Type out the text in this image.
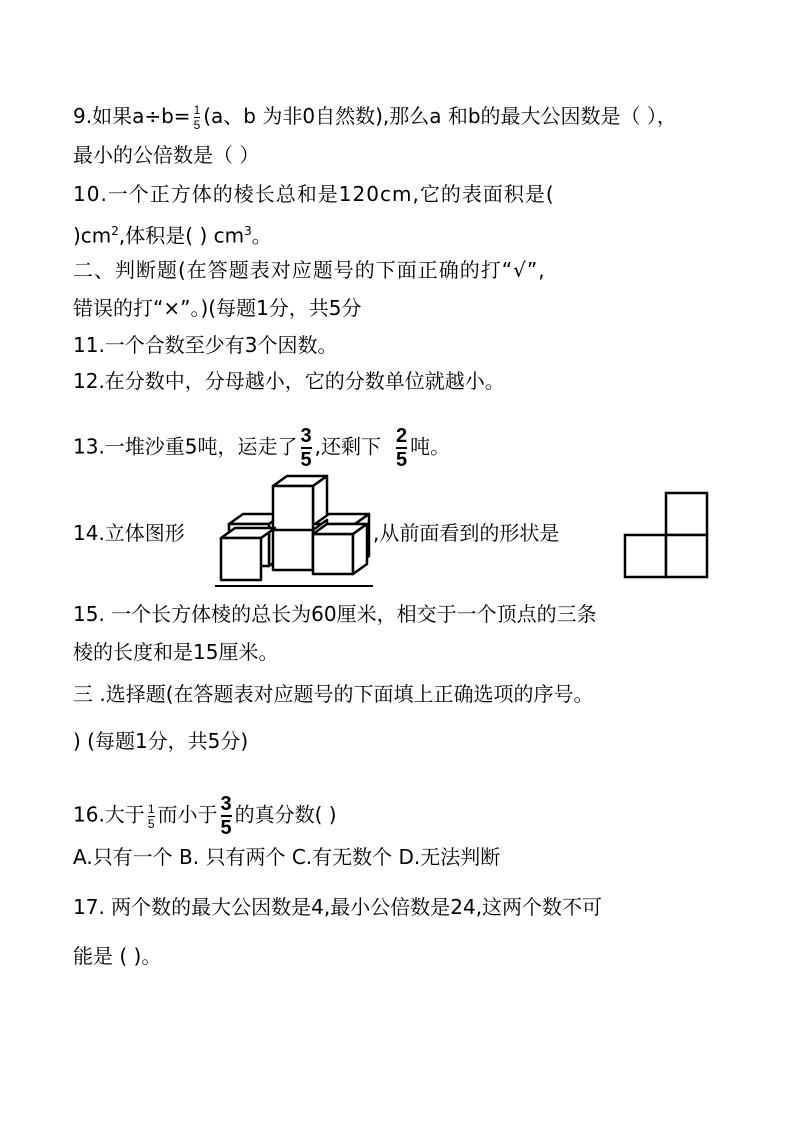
9.如果$a\div b= \frac{1}{5} (a$、b 为非0自然数),那么a 和b的最大公因数是（ ），
最小的公倍数是（ ）
10.一个正方体的棱长总和是120cm,它的表面积是(
)$cm^2$,体积是( ) $cm^3$。
二、判断题(在答题表对应题号的下面正确的打“√”,
错误的打“×”。)(每题1分，共5分
11.一个合数至少有3个因数。
12.在分数中，分母越小，它的分数单位就越小。
13.一堆沙重5吨，运走了 $\frac{3}{5}$ ,还剩下 $\frac{2}{5}$ 吨。
14.立体图形	,从前面看到的形状是
15. 一个长方体棱的总长为60厘米，相交于一个顶点的三条
棱的长度和是15厘米。
三 .选择题(在答题表对应题号的下面填上正确选项的序号。
) (每题1分，共5分)
16.大于 $\frac{1}{5}$ 而小于 $\frac{3}{5}$ 的真分数( )
A.只有一个 B. 只有两个 C.有无数个 D.无法判断
17. 两个数的最大公因数是4,最小公倍数是24,这两个数不可
能是 ( )。
